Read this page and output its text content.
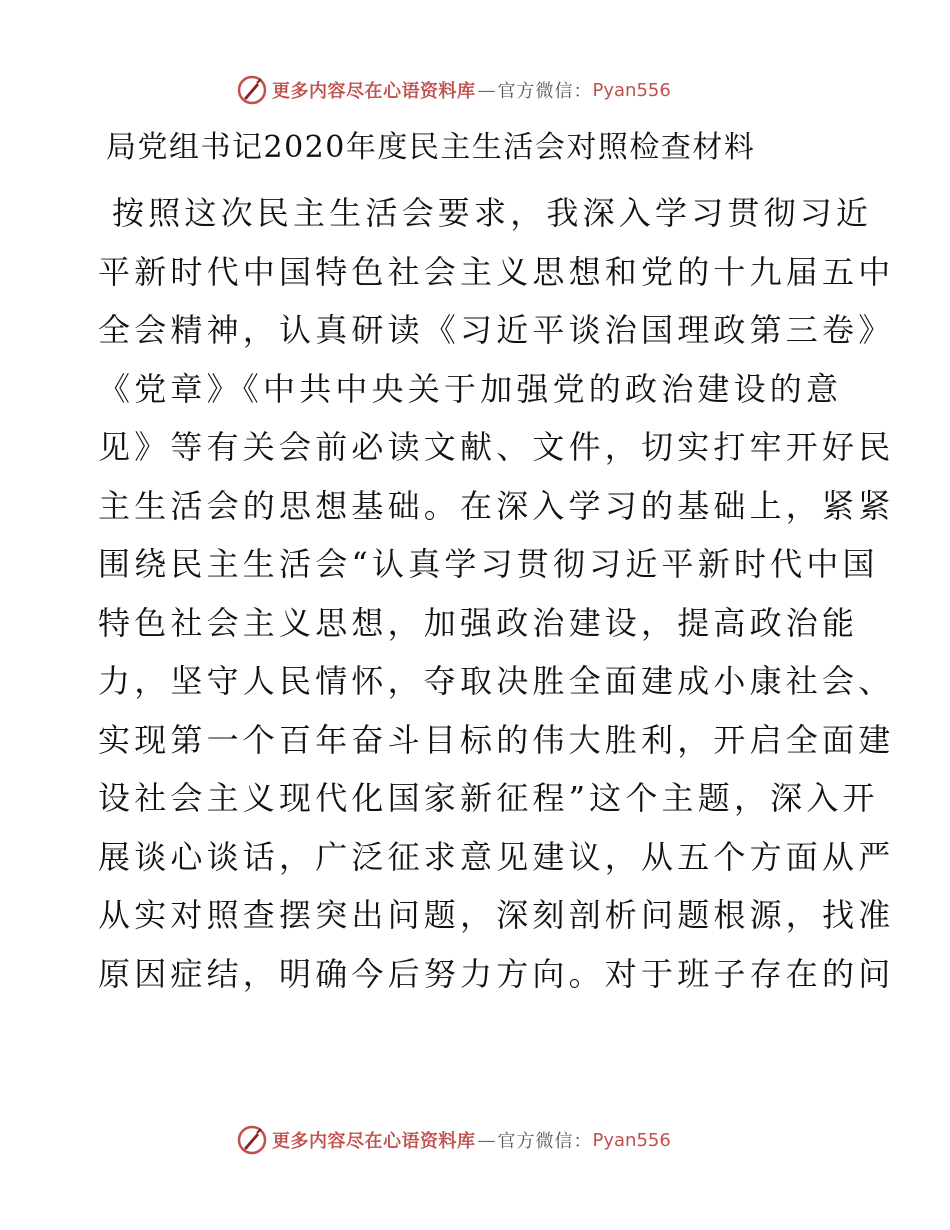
更多内容尽在心语资料库 — 官方微信： Pyan556
局党组书记2020年度民主生活会对照检查材料
按照这次民主生活会要求，我深入学习贯彻习近
平新时代中国特色社会主义思想和党的十九届五中
全会精神，认真研读《习近平谈治国理政第三卷》
《党章》《中共中央关于加强党的政治建设的意
见》等有关会前必读文献、文件，切实打牢开好民
主生活会的思想基础。在深入学习的基础上，紧紧
围绕民主生活会“认真学习贯彻习近平新时代中国
特色社会主义思想，加强政治建设，提高政治能
力，坚守人民情怀，夺取决胜全面建成小康社会、
实现第一个百年奋斗目标的伟大胜利，开启全面建
设社会主义现代化国家新征程”这个主题，深入开
展谈心谈话，广泛征求意见建议，从五个方面从严
从实对照查摆突出问题，深刻剖析问题根源，找准
原因症结，明确今后努力方向。对于班子存在的问
更多内容尽在心语资料库 — 官方微信： Pyan556
